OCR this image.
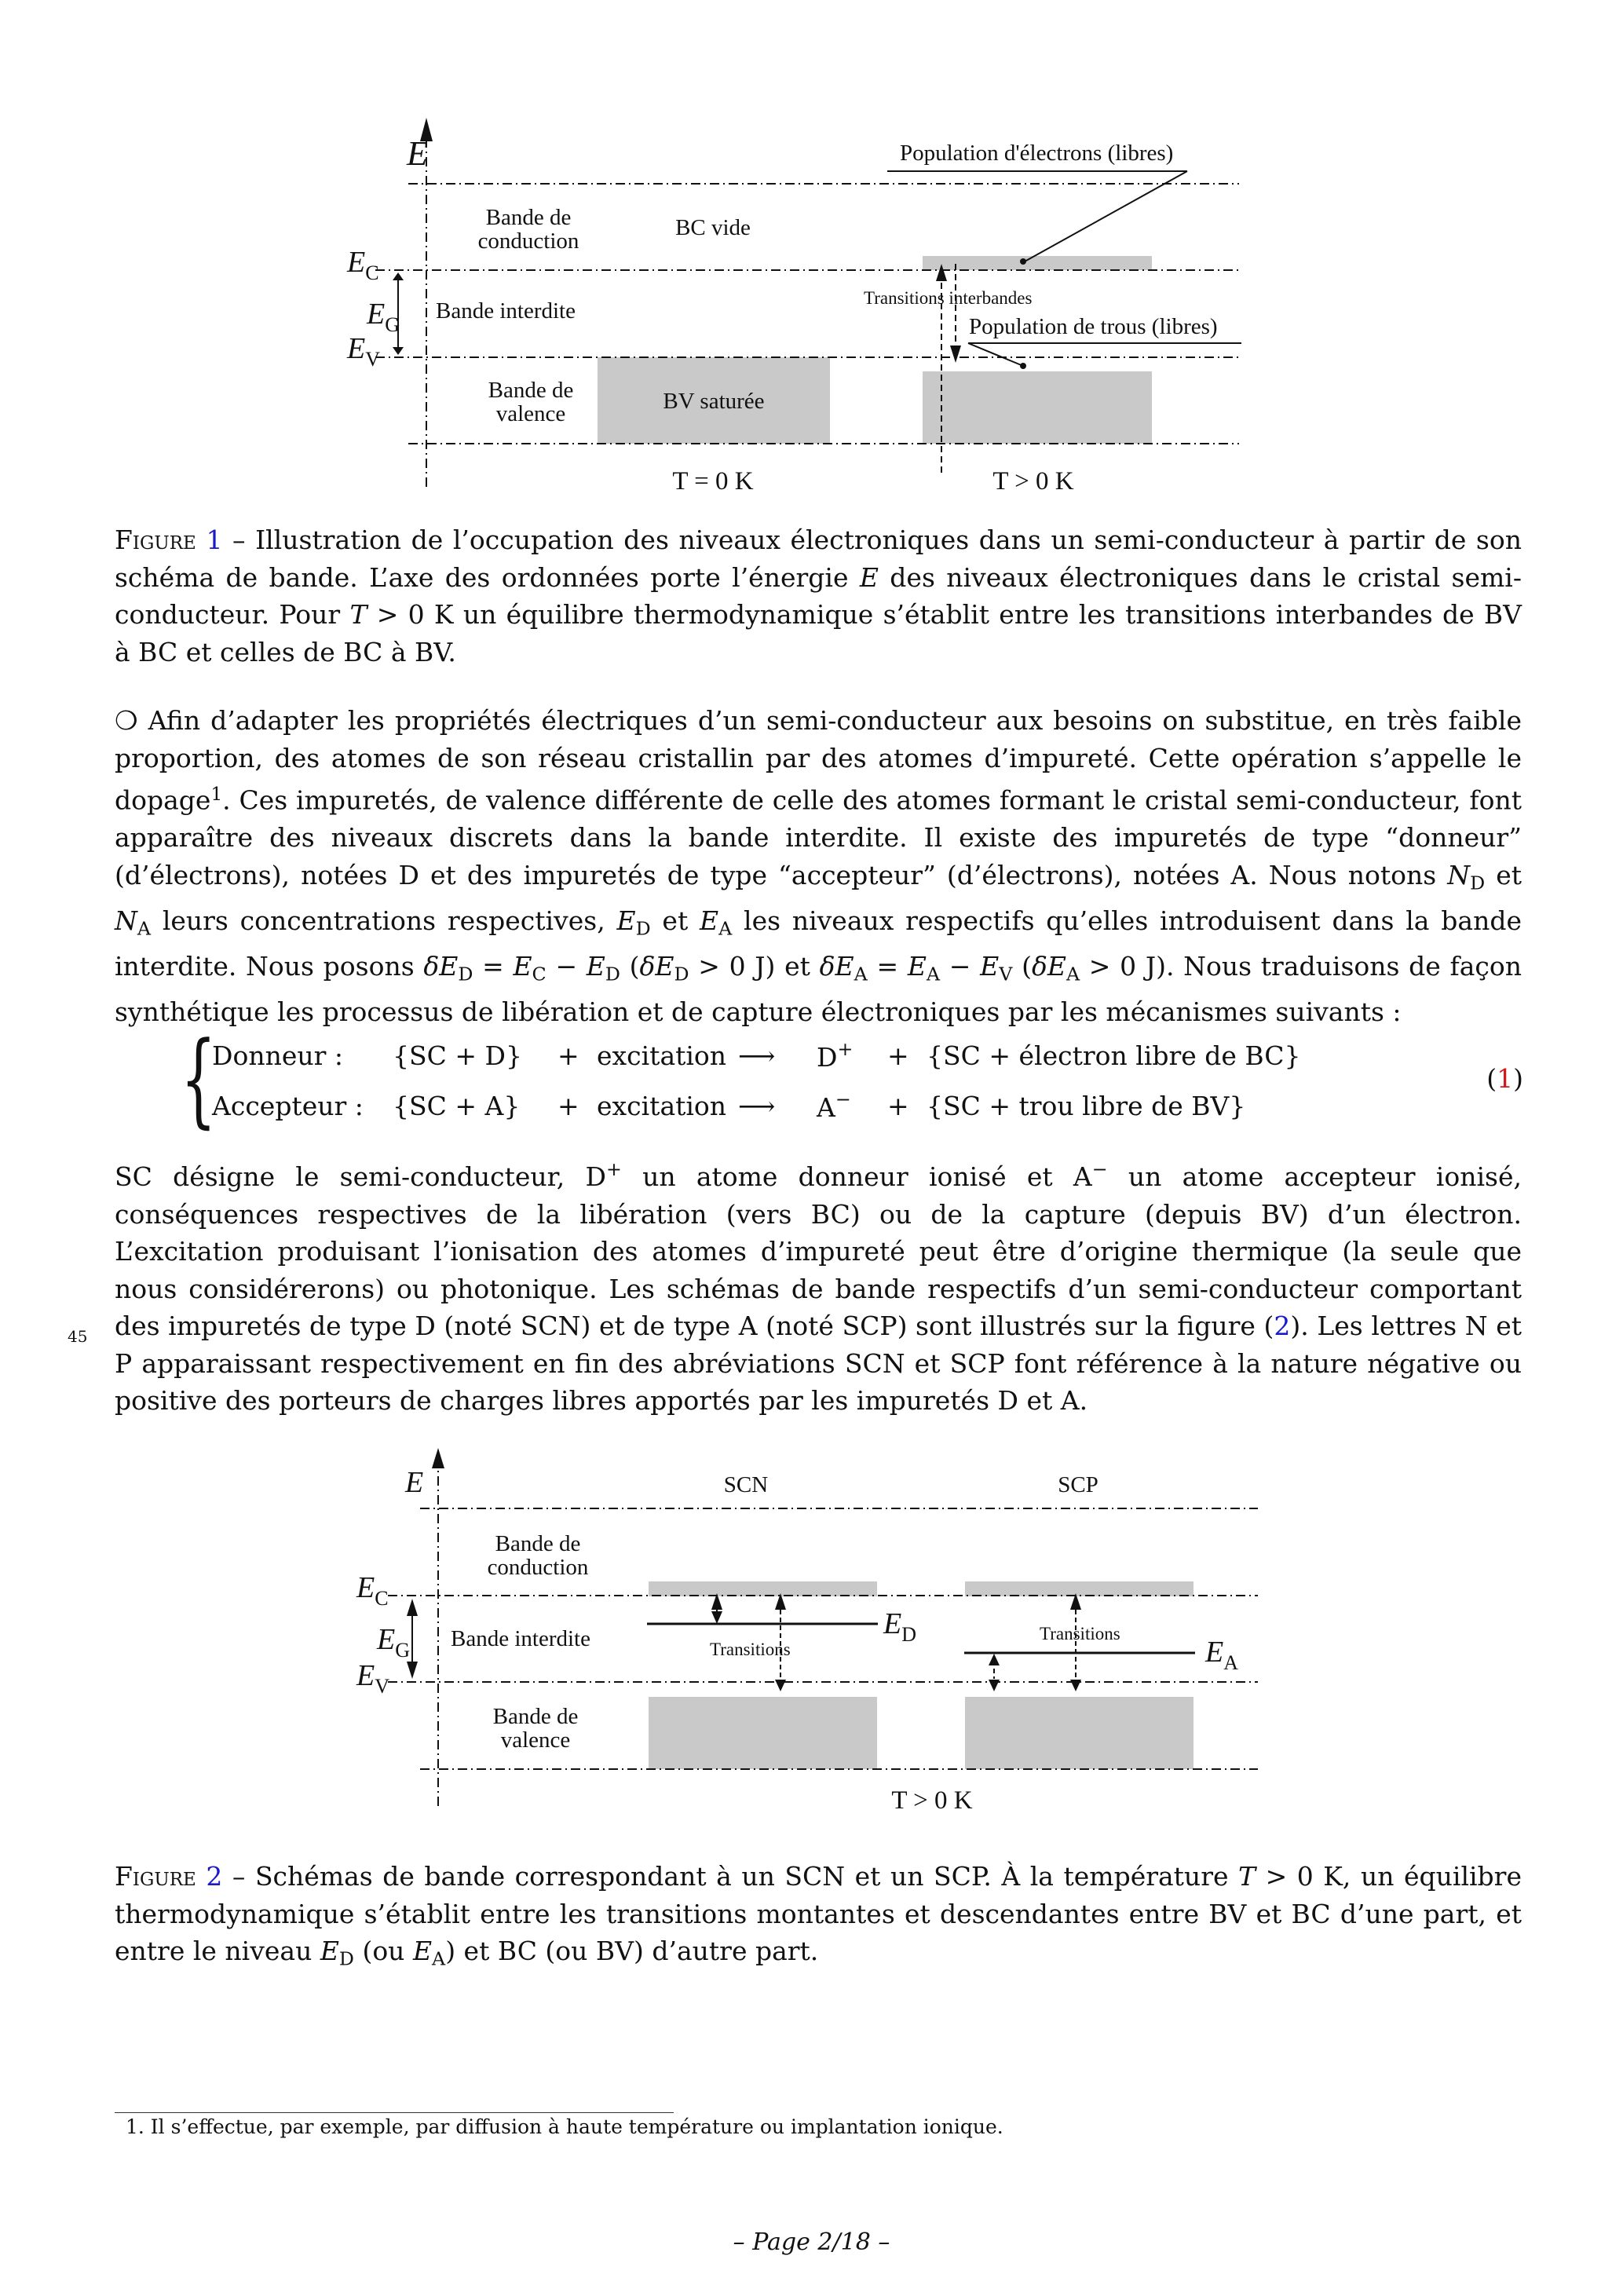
E
$E_C$
$E_G$
$E_V$
Bande de
conduction
Bande interdite
Bande de
valence
BC vide
BV saturée
T = 0 K
Population d'électrons (libres)
Transitions interbandes
Population de trous (libres)
T > 0 K

Figure 1 – Illustration de l’occupation des niveaux électroniques dans un semi-conducteur à partir de son schéma de bande. L’axe des ordonnées porte l’énergie E des niveaux électroniques dans le cristal semi-conducteur. Pour T > 0 K un équilibre thermodynamique s’établit entre les transitions interbandes de BV à BC et celles de BC à BV.

❍ Afin d’adapter les propriétés électriques d’un semi-conducteur aux besoins on substitue, en très faible proportion, des atomes de son réseau cristallin par des atomes d’impureté. Cette opération s’appelle le dopage$^1$. Ces impuretés, de valence différente de celle des atomes formant le cristal semi-conducteur, font apparaître des niveaux discrets dans la bande interdite. Il existe des impuretés de type “donneur” (d’électrons), notées D et des impuretés de type “accepteur” (d’électrons), notées A. Nous notons $N_D$ et $N_A$ leurs concentrations respectives, $E_D$ et $E_A$ les niveaux respectifs qu’elles introduisent dans la bande interdite. Nous posons $\delta E_D = E_C - E_D$ ($\delta E_D > 0$ J) et $\delta E_A = E_A - E_V$ ($\delta E_A > 0$ J). Nous traduisons de façon synthétique les processus de libération et de capture électroniques par les mécanismes suivants :

{
Donneur :	{SC + D}	+ excitation ⟶	D+	+ {SC + électron libre de BC}
Accepteur :	{SC + A}	+ excitation ⟶	A−	+ {SC + trou libre de BV}
(1)
45

SC désigne le semi-conducteur, D+ un atome donneur ionisé et A− un atome accepteur ionisé, conséquences respectives de la libération (vers BC) ou de la capture (depuis BV) d’un électron. L’excitation produisant l’ionisation des atomes d’impureté peut être d’origine thermique (la seule que nous considérerons) ou photonique. Les schémas de bande respectifs d’un semi-conducteur comportant des impuretés de type D (noté SCN) et de type A (noté SCP) sont illustrés sur la figure (2). Les lettres N et P apparaissant respectivement en fin des abréviations SCN et SCP font référence à la nature négative ou positive des porteurs de charges libres apportés par les impuretés D et A.

E	SCN	SCP
$E_C$
$E_G$
$E_V$
$E_D$
$E_A$
Bande de
conduction
Bande interdite
Bande de
valence
Transitions
Transitions
T > 0 K

Figure 2 – Schémas de bande correspondant à un SCN et un SCP. À la température T > 0 K, un équilibre thermodynamique s’établit entre les transitions montantes et descendantes entre BV et BC d’une part, et entre le niveau $E_D$ (ou $E_A$) et BC (ou BV) d’autre part.

1. Il s’effectue, par exemple, par diffusion à haute température ou implantation ionique.
– Page 2/18 –
